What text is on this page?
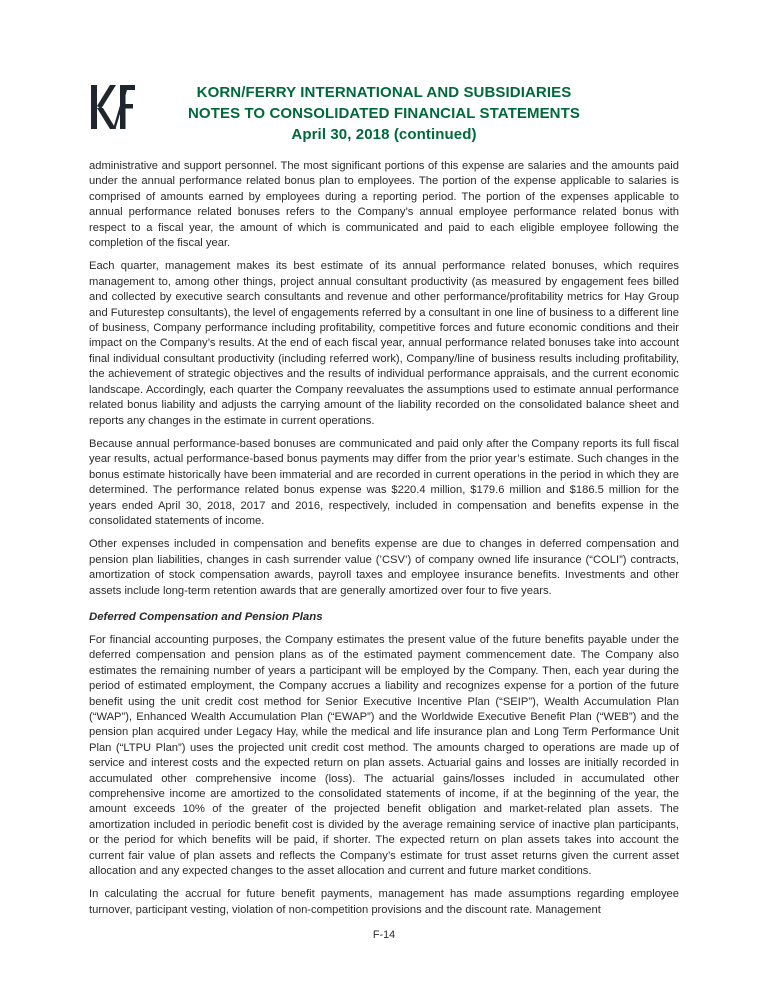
KORN/FERRY INTERNATIONAL AND SUBSIDIARIES
NOTES TO CONSOLIDATED FINANCIAL STATEMENTS
April 30, 2018 (continued)

administrative and support personnel. The most significant portions of this expense are salaries and the amounts paid under the annual performance related bonus plan to employees. The portion of the expense applicable to salaries is comprised of amounts earned by employees during a reporting period. The portion of the expenses applicable to annual performance related bonuses refers to the Company’s annual employee performance related bonus with respect to a fiscal year, the amount of which is communicated and paid to each eligible employee following the completion of the fiscal year.

Each quarter, management makes its best estimate of its annual performance related bonuses, which requires management to, among other things, project annual consultant productivity (as measured by engagement fees billed and collected by executive search consultants and revenue and other performance/profitability metrics for Hay Group and Futurestep consultants), the level of engagements referred by a consultant in one line of business to a different line of business, Company performance including profitability, competitive forces and future economic conditions and their impact on the Company’s results. At the end of each fiscal year, annual performance related bonuses take into account final individual consultant productivity (including referred work), Company/line of business results including profitability, the achievement of strategic objectives and the results of individual performance appraisals, and the current economic landscape. Accordingly, each quarter the Company reevaluates the assumptions used to estimate annual performance related bonus liability and adjusts the carrying amount of the liability recorded on the consolidated balance sheet and reports any changes in the estimate in current operations.

Because annual performance-based bonuses are communicated and paid only after the Company reports its full fiscal year results, actual performance-based bonus payments may differ from the prior year’s estimate. Such changes in the bonus estimate historically have been immaterial and are recorded in current operations in the period in which they are determined. The performance related bonus expense was $220.4 million, $179.6 million and $186.5 million for the years ended April 30, 2018, 2017 and 2016, respectively, included in compensation and benefits expense in the consolidated statements of income.

Other expenses included in compensation and benefits expense are due to changes in deferred compensation and pension plan liabilities, changes in cash surrender value (’CSV’) of company owned life insurance (“COLI”) contracts, amortization of stock compensation awards, payroll taxes and employee insurance benefits. Investments and other assets include long-term retention awards that are generally amortized over four to five years.

Deferred Compensation and Pension Plans

For financial accounting purposes, the Company estimates the present value of the future benefits payable under the deferred compensation and pension plans as of the estimated payment commencement date. The Company also estimates the remaining number of years a participant will be employed by the Company. Then, each year during the period of estimated employment, the Company accrues a liability and recognizes expense for a portion of the future benefit using the unit credit cost method for Senior Executive Incentive Plan (“SEIP”), Wealth Accumulation Plan (“WAP”), Enhanced Wealth Accumulation Plan (“EWAP”) and the Worldwide Executive Benefit Plan (“WEB”) and the pension plan acquired under Legacy Hay, while the medical and life insurance plan and Long Term Performance Unit Plan (“LTPU Plan”) uses the projected unit credit cost method. The amounts charged to operations are made up of service and interest costs and the expected return on plan assets. Actuarial gains and losses are initially recorded in accumulated other comprehensive income (loss). The actuarial gains/losses included in accumulated other comprehensive income are amortized to the consolidated statements of income, if at the beginning of the year, the amount exceeds 10% of the greater of the projected benefit obligation and market-related plan assets. The amortization included in periodic benefit cost is divided by the average remaining service of inactive plan participants, or the period for which benefits will be paid, if shorter. The expected return on plan assets takes into account the current fair value of plan assets and reflects the Company’s estimate for trust asset returns given the current asset allocation and any expected changes to the asset allocation and current and future market conditions.

In calculating the accrual for future benefit payments, management has made assumptions regarding employee turnover, participant vesting, violation of non-competition provisions and the discount rate. Management

F-14
